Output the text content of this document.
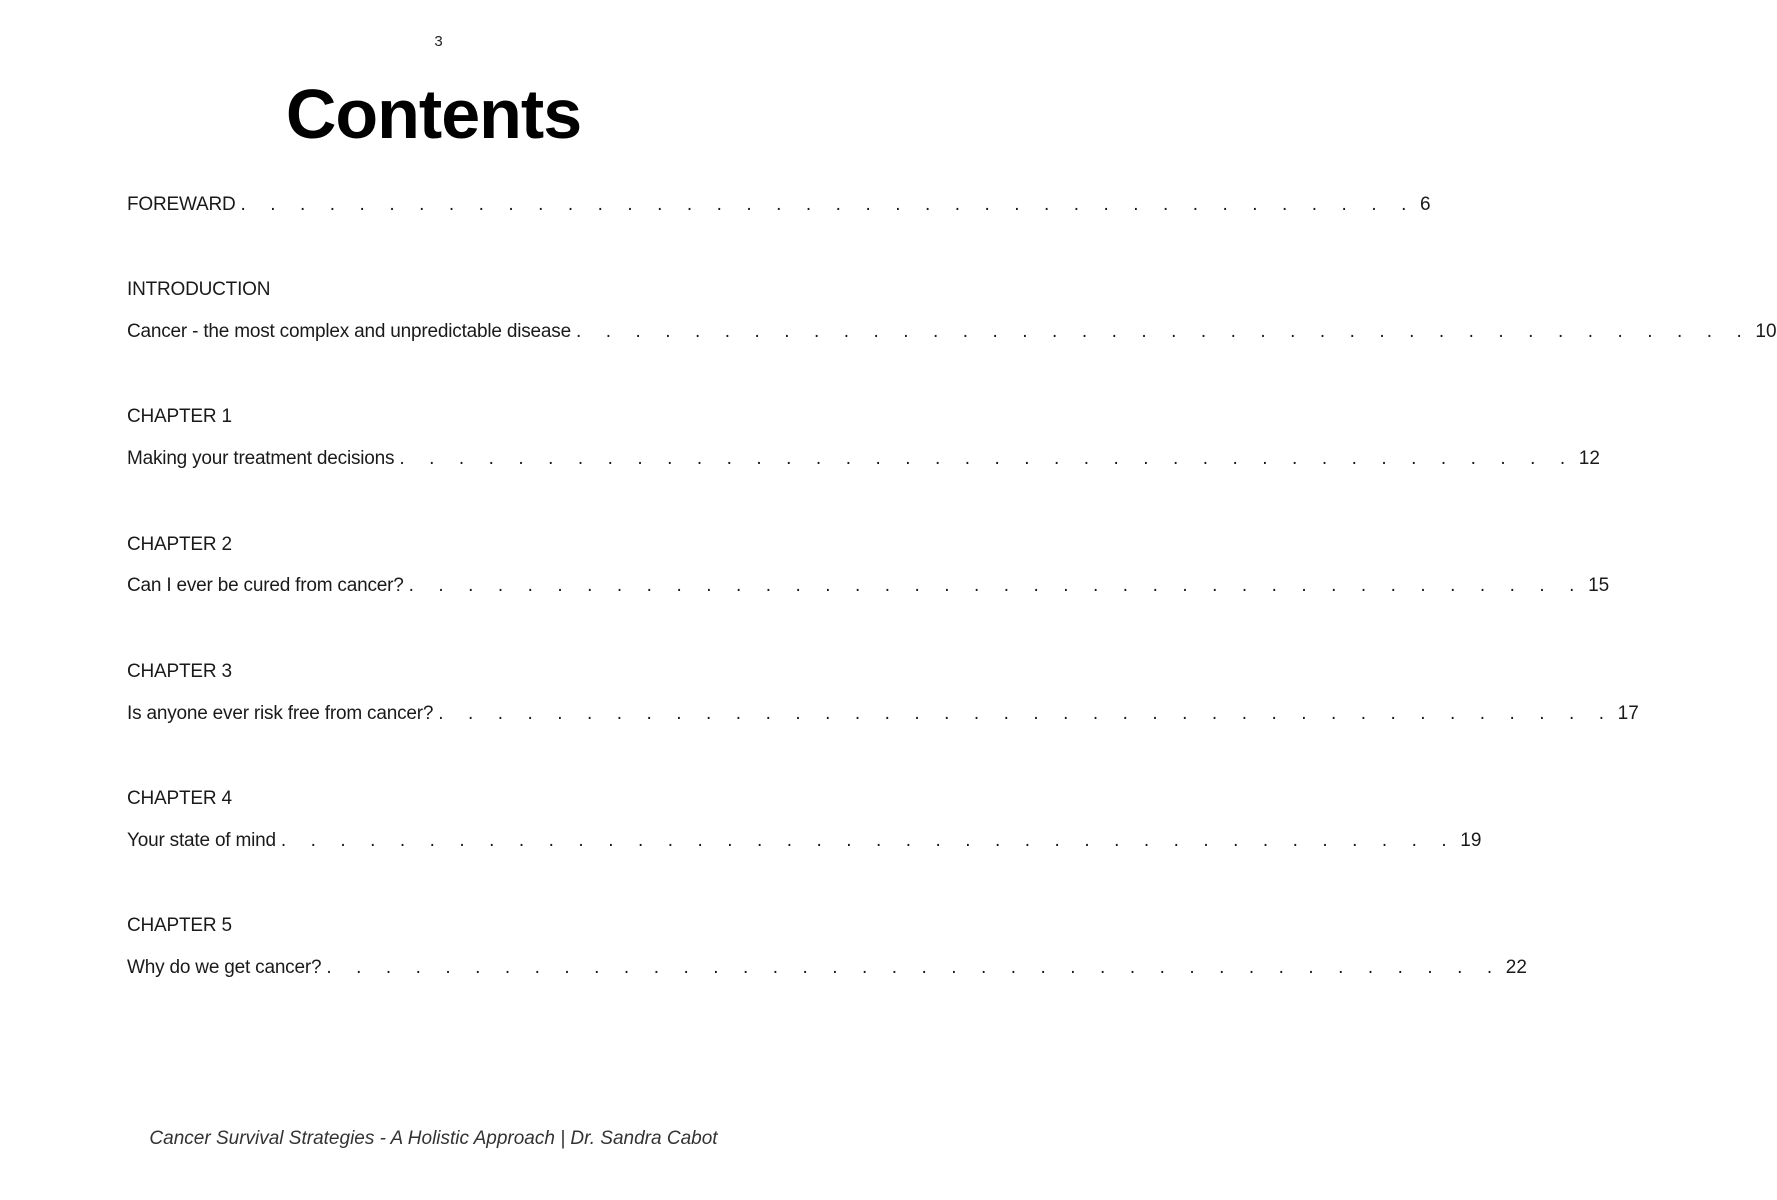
3
Contents
FOREWARD . . . . . . . . . . . . . . . . . . . . . . . . . . . . . . . . . . . . . . . . 6
INTRODUCTION
Cancer - the most complex and unpredictable disease . . . . . . . . . . . . . . . . . . . . . . . . . . . . . . . . . . . . . . . . 10
CHAPTER 1
Making your treatment decisions . . . . . . . . . . . . . . . . . . . . . . . . . . . . . . . . . . . . . . . . 12
CHAPTER 2
Can I ever be cured from cancer? . . . . . . . . . . . . . . . . . . . . . . . . . . . . . . . . . . . . . . . . 15
CHAPTER 3
Is anyone ever risk free from cancer? . . . . . . . . . . . . . . . . . . . . . . . . . . . . . . . . . . . . . . . . 17
CHAPTER 4
Your state of mind . . . . . . . . . . . . . . . . . . . . . . . . . . . . . . . . . . . . . . . . 19
CHAPTER 5
Why do we get cancer? . . . . . . . . . . . . . . . . . . . . . . . . . . . . . . . . . . . . . . . . 22
Cancer Survival Strategies - A Holistic Approach | Dr. Sandra Cabot
